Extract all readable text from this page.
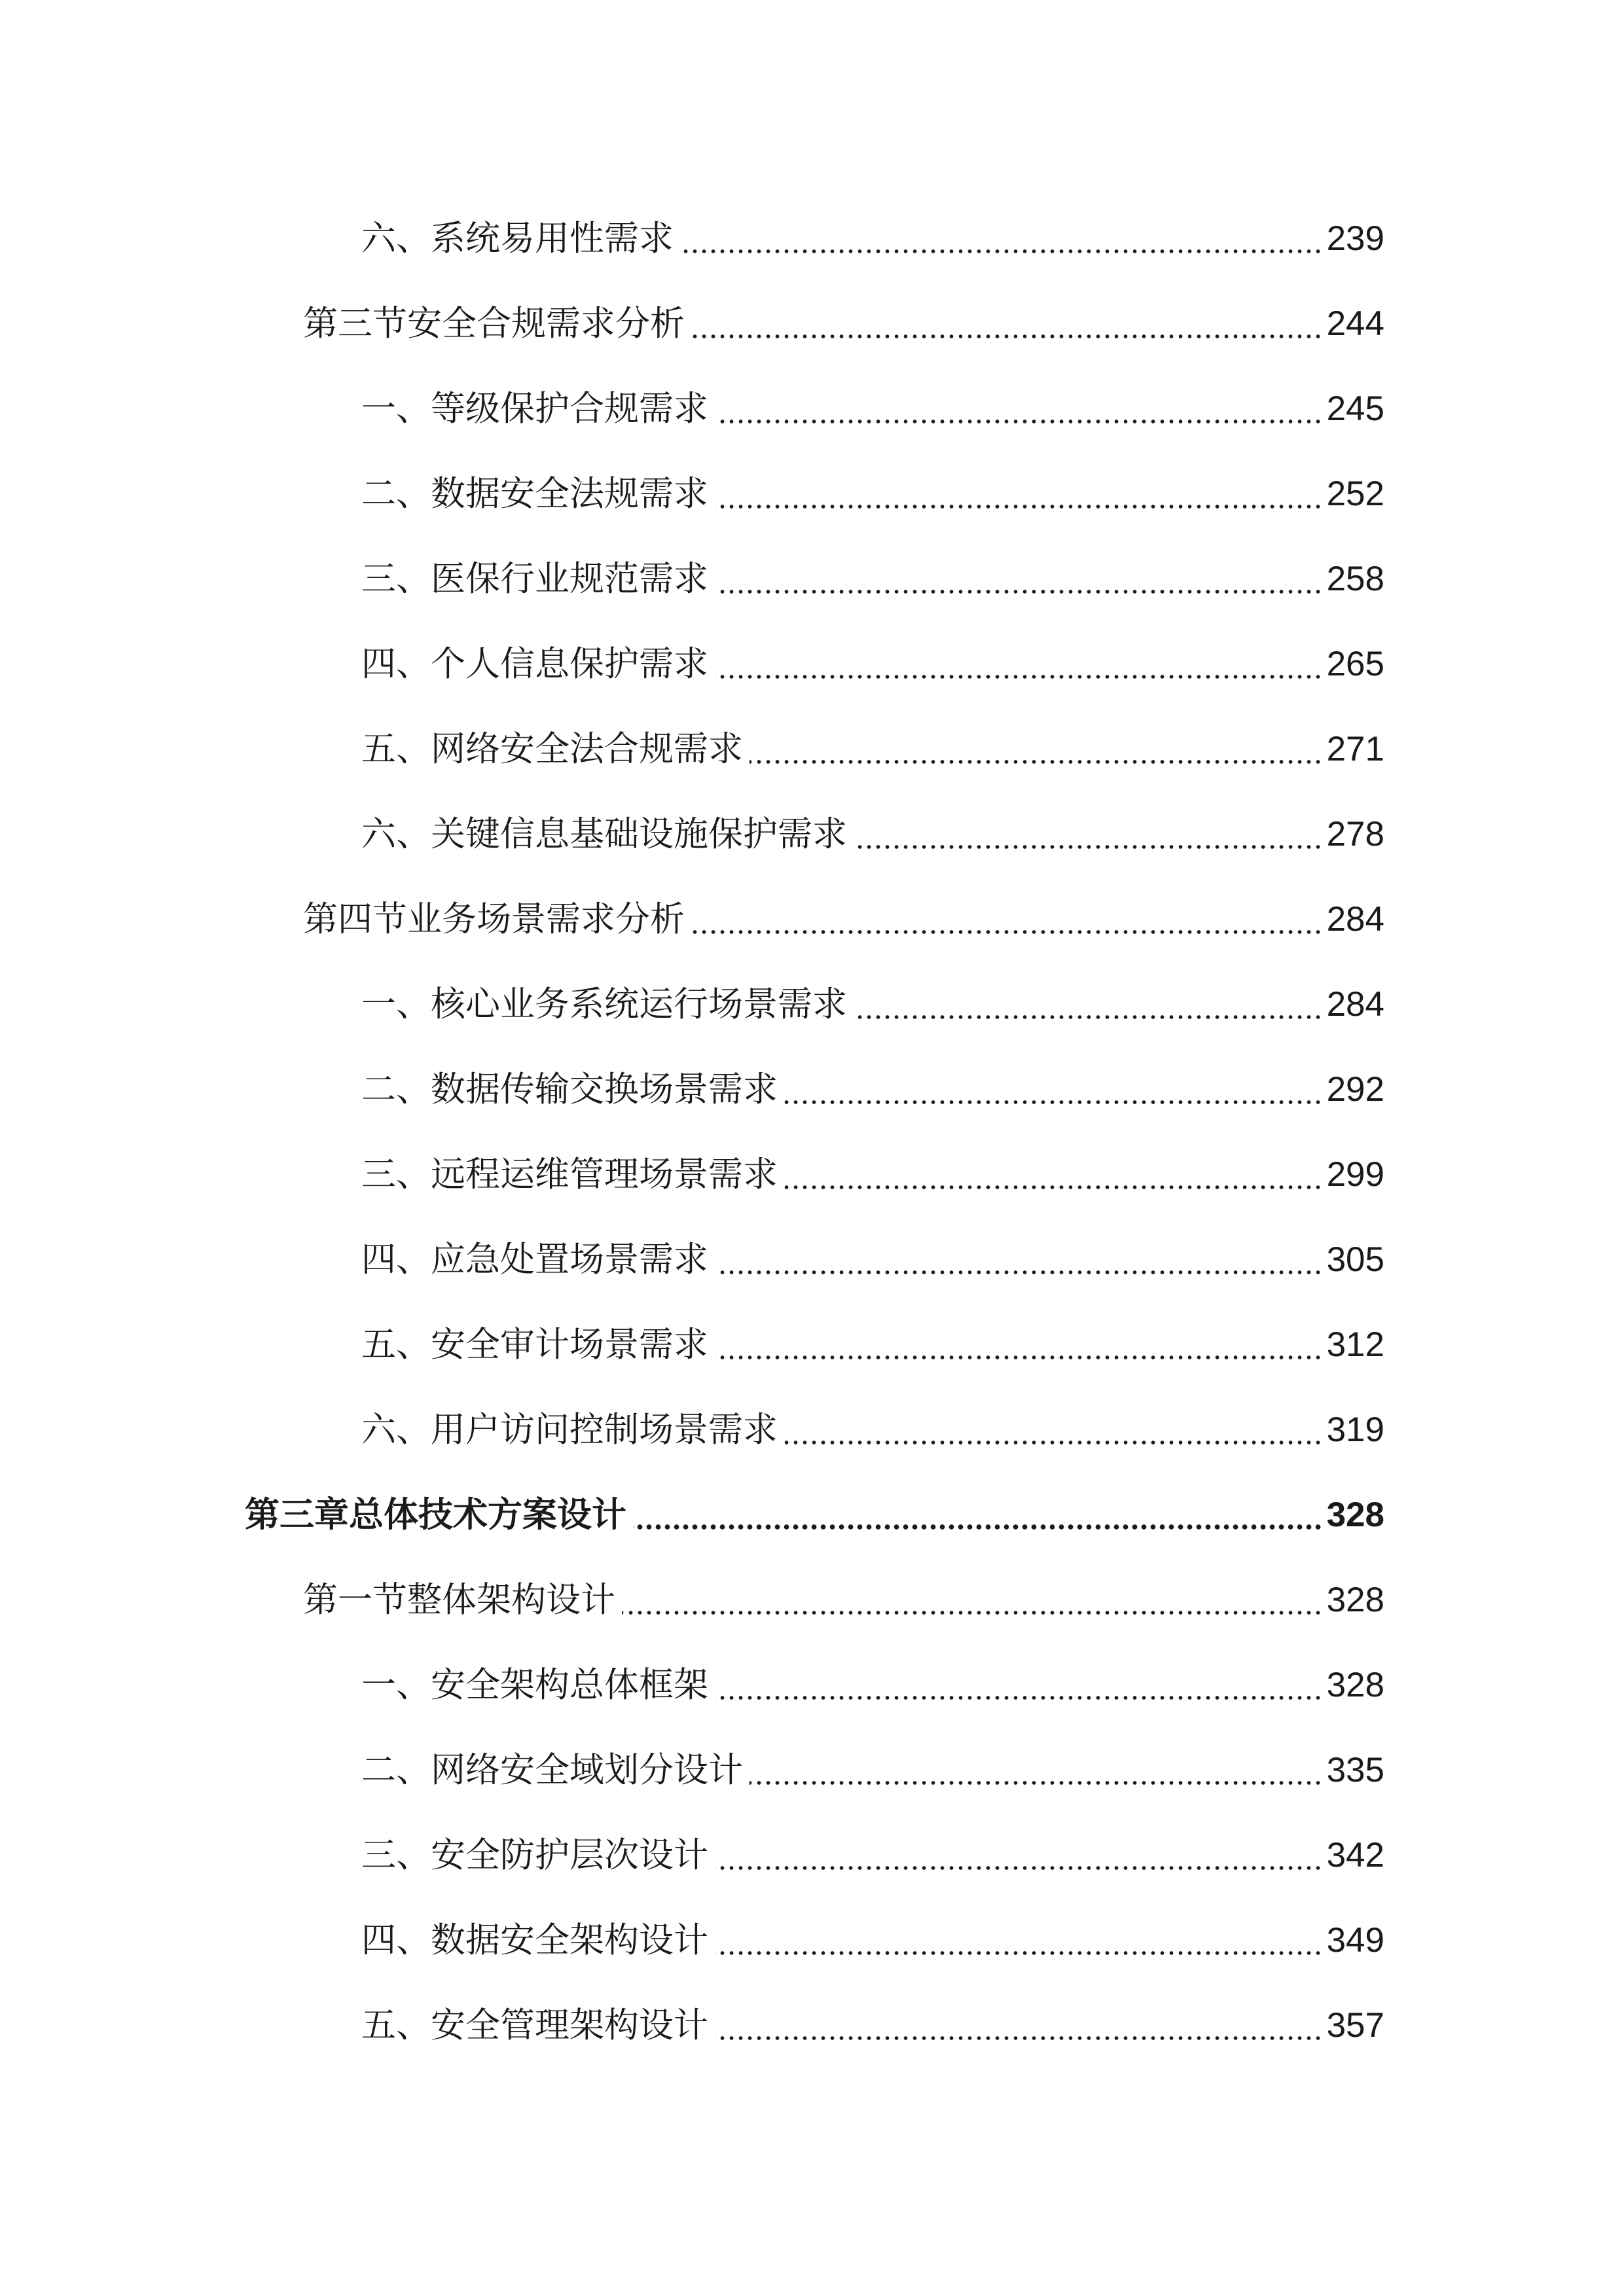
六、系统易用性需求	239
第三节安全合规需求分析	244
一、等级保护合规需求	245
二、数据安全法规需求	252
三、医保行业规范需求	258
四、个人信息保护需求	265
五、网络安全法合规需求	271
六、关键信息基础设施保护需求	278
第四节业务场景需求分析	284
一、核心业务系统运行场景需求	284
二、数据传输交换场景需求	292
三、远程运维管理场景需求	299
四、应急处置场景需求	305
五、安全审计场景需求	312
六、用户访问控制场景需求	319
第三章总体技术方案设计	328
第一节整体架构设计	328
一、安全架构总体框架	328
二、网络安全域划分设计	335
三、安全防护层次设计	342
四、数据安全架构设计	349
五、安全管理架构设计	357
